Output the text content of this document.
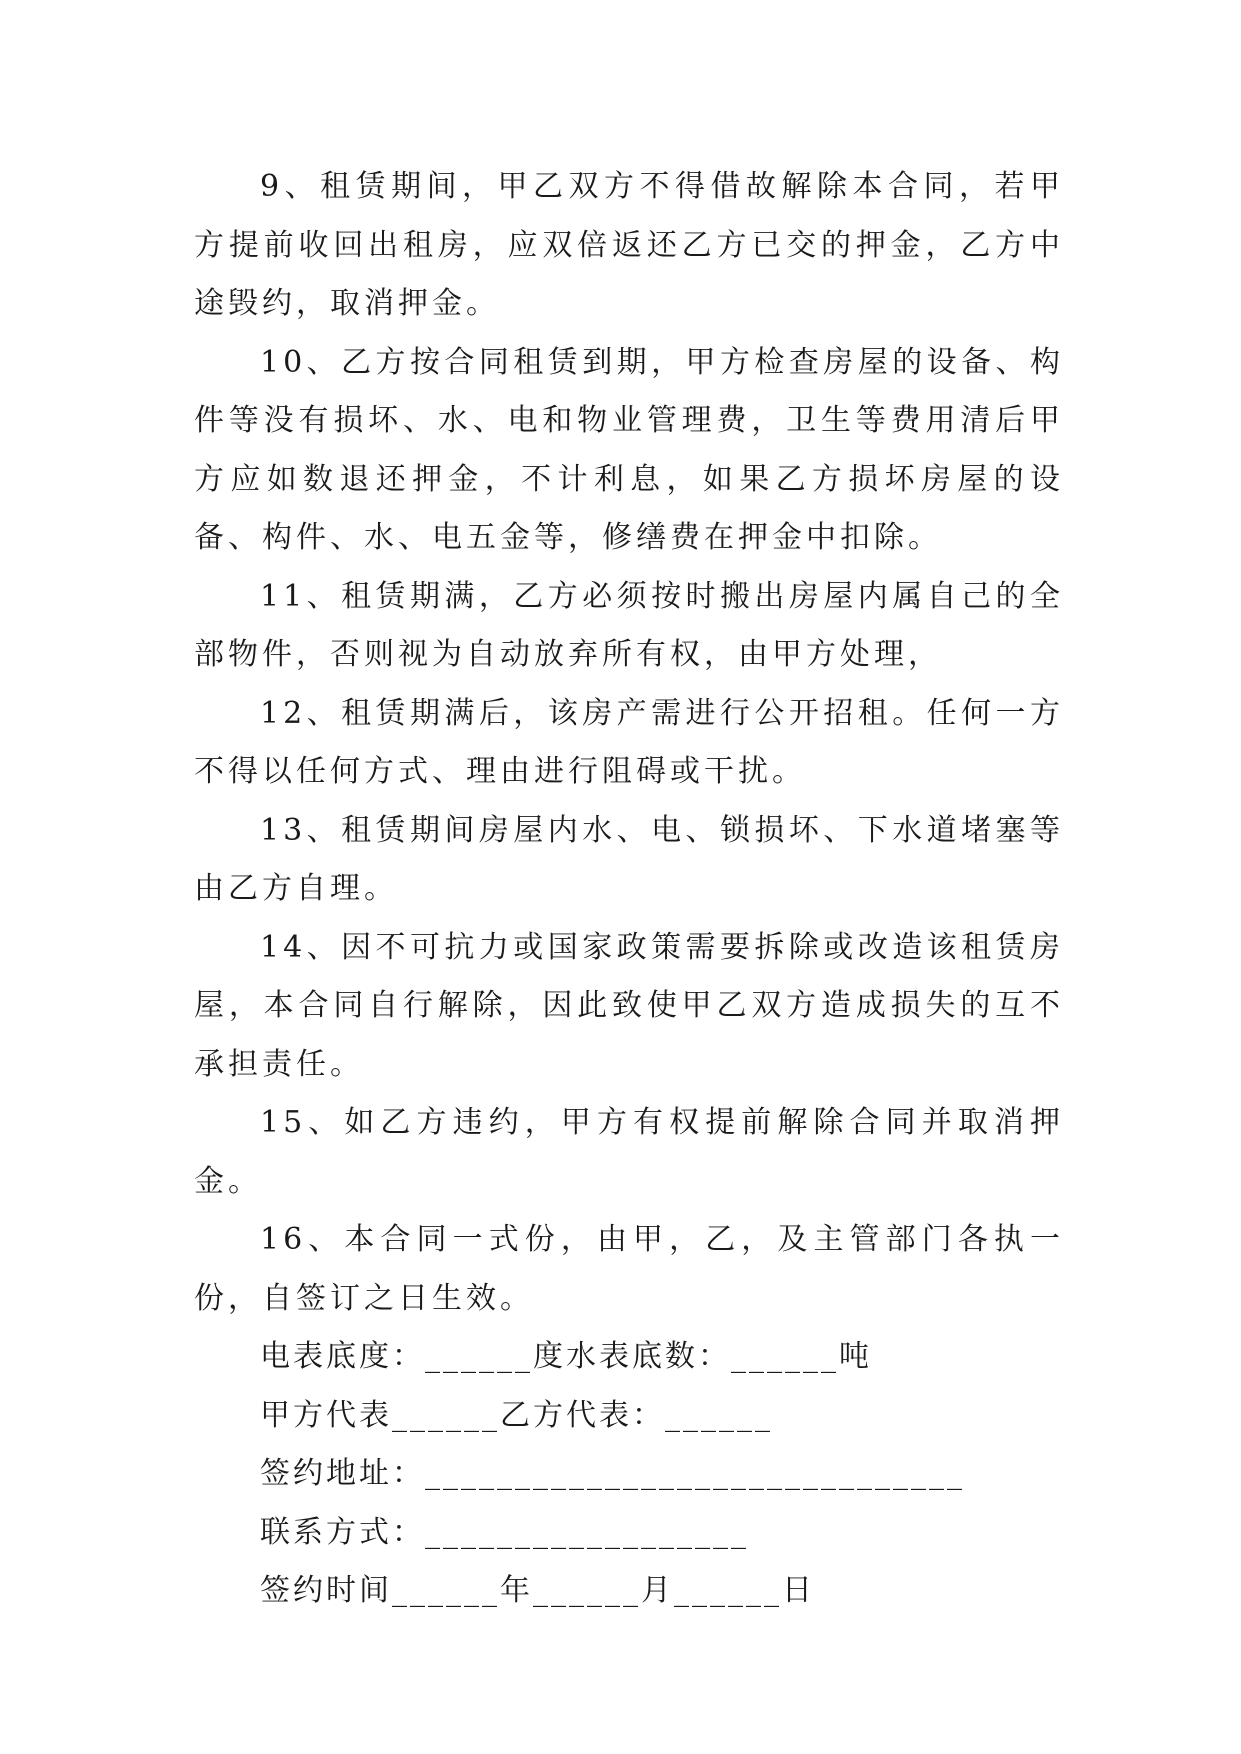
9、租赁期间，甲乙双方不得借故解除本合同，若甲方提前收回出租房，应双倍返还乙方已交的押金，乙方中途毁约，取消押金。

10、乙方按合同租赁到期，甲方检查房屋的设备、构件等没有损坏、水、电和物业管理费，卫生等费用清后甲方应如数退还押金，不计利息，如果乙方损坏房屋的设备、构件、水、电五金等，修缮费在押金中扣除。

11、租赁期满，乙方必须按时搬出房屋内属自己的全部物件，否则视为自动放弃所有权，由甲方处理，

12、租赁期满后，该房产需进行公开招租。任何一方不得以任何方式、理由进行阻碍或干扰。

13、租赁期间房屋内水、电、锁损坏、下水道堵塞等由乙方自理。

14、因不可抗力或国家政策需要拆除或改造该租赁房屋，本合同自行解除，因此致使甲乙双方造成损失的互不承担责任。

15、如乙方违约，甲方有权提前解除合同并取消押金。

16、本合同一式份，由甲，乙，及主管部门各执一份，自签订之日生效。

电表底度：______度水表底数：______吨

甲方代表______乙方代表：______

签约地址：______________________________

联系方式：__________________

签约时间______年______月______日
